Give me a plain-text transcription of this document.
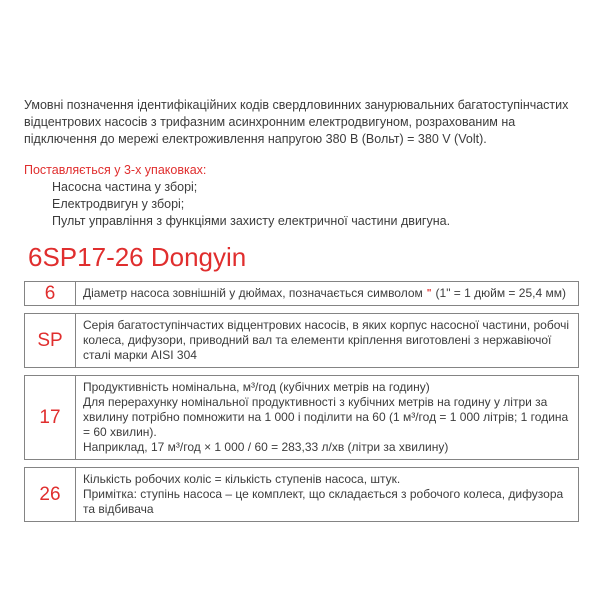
Умовні позначення ідентифікаційних кодів свердловинних занурювальних багатоступінчастих відцентрових насосів з трифазним асинхронним електродвигуном, розрахованим на підключення до мережі електроживлення напругою 380 В (Вольт) = 380 V (Volt).

Поставляється у 3-х упаковках:

Насосна частина у зборі;
Електродвигун у зборі;
Пульт управління з функціями захисту електричної частини двигуна.
6SP17-26 Dongyin
6	Діаметр насоса зовнішній у дюймах, позначається символом " (1" = 1 дюйм = 25,4 мм)
SP
Серія багатоступінчастих відцентрових насосів, в яких корпус насосної частини, робочі колеса, дифузори, приводний вал та елементи кріплення виготовлені з нержавіючої сталі марки AISI 304
17
Продуктивність номінальна, м³/год (кубічних метрів на годину)
Для перерахунку номінальної продуктивності з кубічних метрів на годину у літри за хвилину потрібно помножити на 1 000 і поділити на 60 (1 м³/год = 1 000 літрів; 1 година = 60 хвилин).
Наприклад, 17 м³/год × 1 000 / 60 = 283,33 л/хв (літри за хвилину)
26
Кількість робочих коліс = кількість ступенів насоса, штук.
Примітка: ступінь насоса – це комплект, що складається з робочого колеса, дифузора та відбивача
